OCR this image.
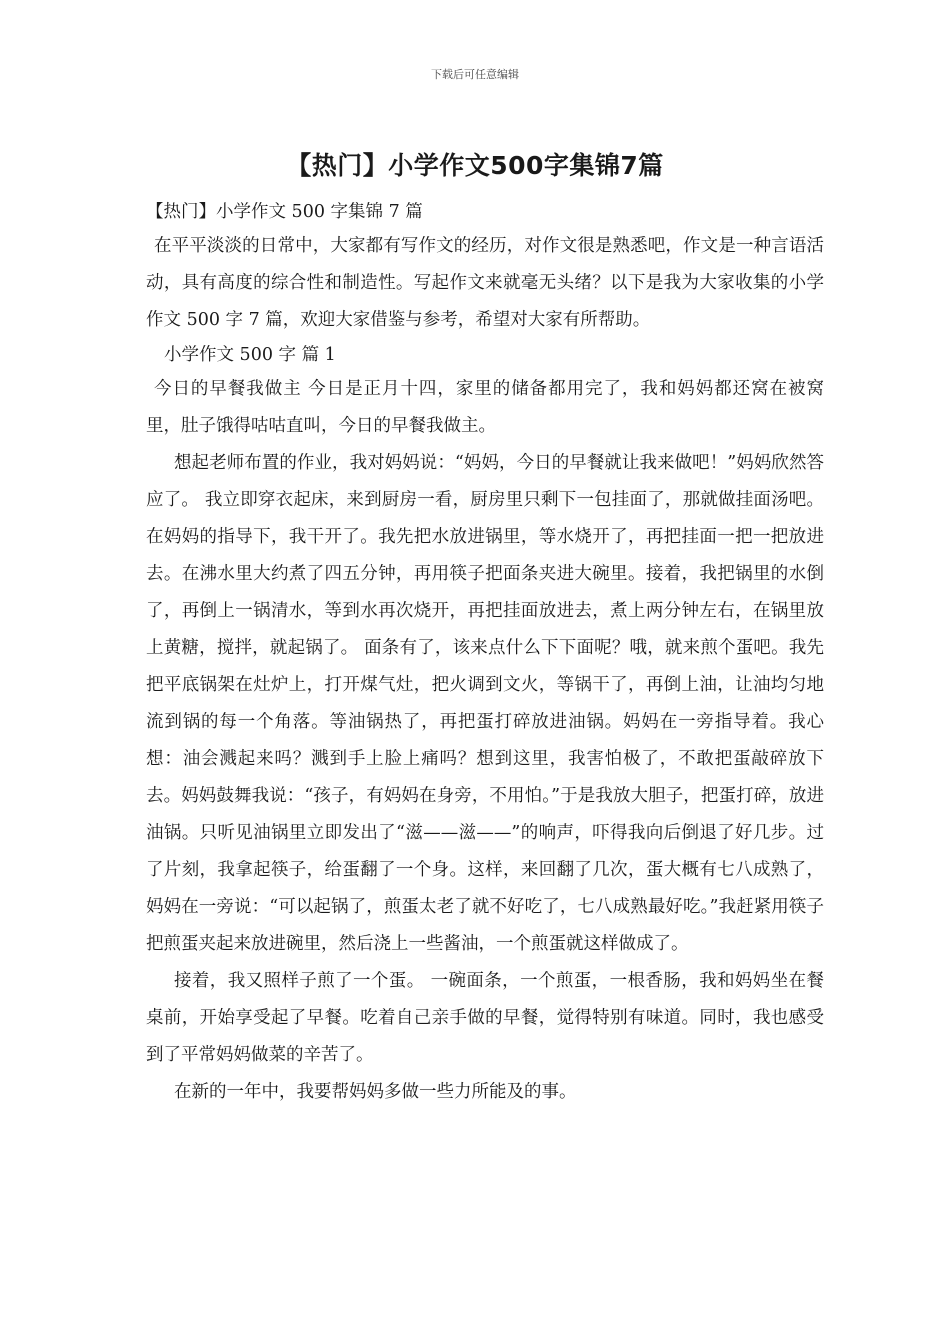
下载后可任意编辑
【热门】小学作文500字集锦7篇

【热门】小学作文 500 字集锦 7 篇

在平平淡淡的日常中，大家都有写作文的经历，对作文很是熟悉吧，作文是一种言语活动，具有高度的综合性和制造性。写起作文来就毫无头绪？以下是我为大家收集的小学作文 500 字 7 篇，欢迎大家借鉴与参考，希望对大家有所帮助。

小学作文 500 字 篇 1

今日的早餐我做主 今日是正月十四，家里的储备都用完了，我和妈妈都还窝在被窝里，肚子饿得咕咕直叫，今日的早餐我做主。

想起老师布置的作业，我对妈妈说：“妈妈，今日的早餐就让我来做吧！”妈妈欣然答应了。 我立即穿衣起床，来到厨房一看，厨房里只剩下一包挂面了，那就做挂面汤吧。在妈妈的指导下，我干开了。我先把水放进锅里，等水烧开了，再把挂面一把一把放进去。在沸水里大约煮了四五分钟，再用筷子把面条夹进大碗里。接着，我把锅里的水倒了，再倒上一锅清水，等到水再次烧开，再把挂面放进去，煮上两分钟左右，在锅里放上黄糖，搅拌，就起锅了。 面条有了，该来点什么下下面呢？哦，就来煎个蛋吧。我先把平底锅架在灶炉上，打开煤气灶，把火调到文火，等锅干了，再倒上油，让油均匀地流到锅的每一个角落。等油锅热了，再把蛋打碎放进油锅。妈妈在一旁指导着。我心想：油会溅起来吗？溅到手上脸上痛吗？想到这里，我害怕极了，不敢把蛋敲碎放下去。妈妈鼓舞我说：“孩子，有妈妈在身旁，不用怕。”于是我放大胆子，把蛋打碎，放进油锅。只听见油锅里立即发出了“滋——滋——”的响声，吓得我向后倒退了好几步。过了片刻，我拿起筷子，给蛋翻了一个身。这样，来回翻了几次，蛋大概有七八成熟了，妈妈在一旁说：“可以起锅了，煎蛋太老了就不好吃了，七八成熟最好吃。”我赶紧用筷子把煎蛋夹起来放进碗里，然后浇上一些酱油，一个煎蛋就这样做成了。

接着，我又照样子煎了一个蛋。 一碗面条，一个煎蛋，一根香肠，我和妈妈坐在餐桌前，开始享受起了早餐。吃着自己亲手做的早餐，觉得特别有味道。同时，我也感受到了平常妈妈做菜的辛苦了。

在新的一年中，我要帮妈妈多做一些力所能及的事。
